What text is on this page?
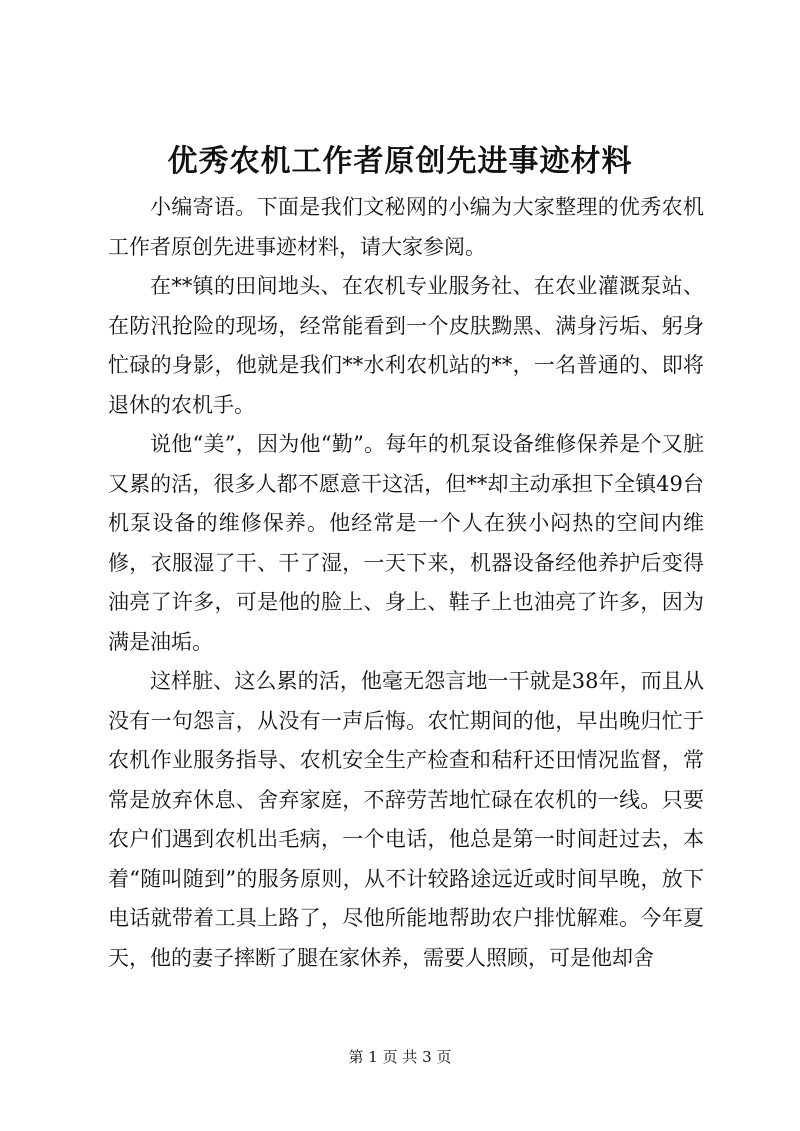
优秀农机工作者原创先进事迹材料

小编寄语。下面是我们文秘网的小编为大家整理的优秀农机工作者原创先进事迹材料，请大家参阅。

在**镇的田间地头、在农机专业服务社、在农业灌溉泵站、在防汛抢险的现场，经常能看到一个皮肤黝黑、满身污垢、躬身忙碌的身影，他就是我们**水利农机站的**，一名普通的、即将退休的农机手。

说他“美”，因为他“勤”。每年的机泵设备维修保养是个又脏又累的活，很多人都不愿意干这活，但**却主动承担下全镇49台机泵设备的维修保养。他经常是一个人在狭小闷热的空间内维修，衣服湿了干、干了湿，一天下来，机器设备经他养护后变得油亮了许多，可是他的脸上、身上、鞋子上也油亮了许多，因为满是油垢。

这样脏、这么累的活，他毫无怨言地一干就是38年，而且从没有一句怨言，从没有一声后悔。农忙期间的他，早出晚归忙于农机作业服务指导、农机安全生产检查和秸秆还田情况监督，常常是放弃休息、舍弃家庭，不辞劳苦地忙碌在农机的一线。只要农户们遇到农机出毛病，一个电话，他总是第一时间赶过去，本着“随叫随到”的服务原则，从不计较路途远近或时间早晚，放下电话就带着工具上路了，尽他所能地帮助农户排忧解难。今年夏天，他的妻子摔断了腿在家休养，需要人照顾，可是他却舍

第 1 页 共 3 页
